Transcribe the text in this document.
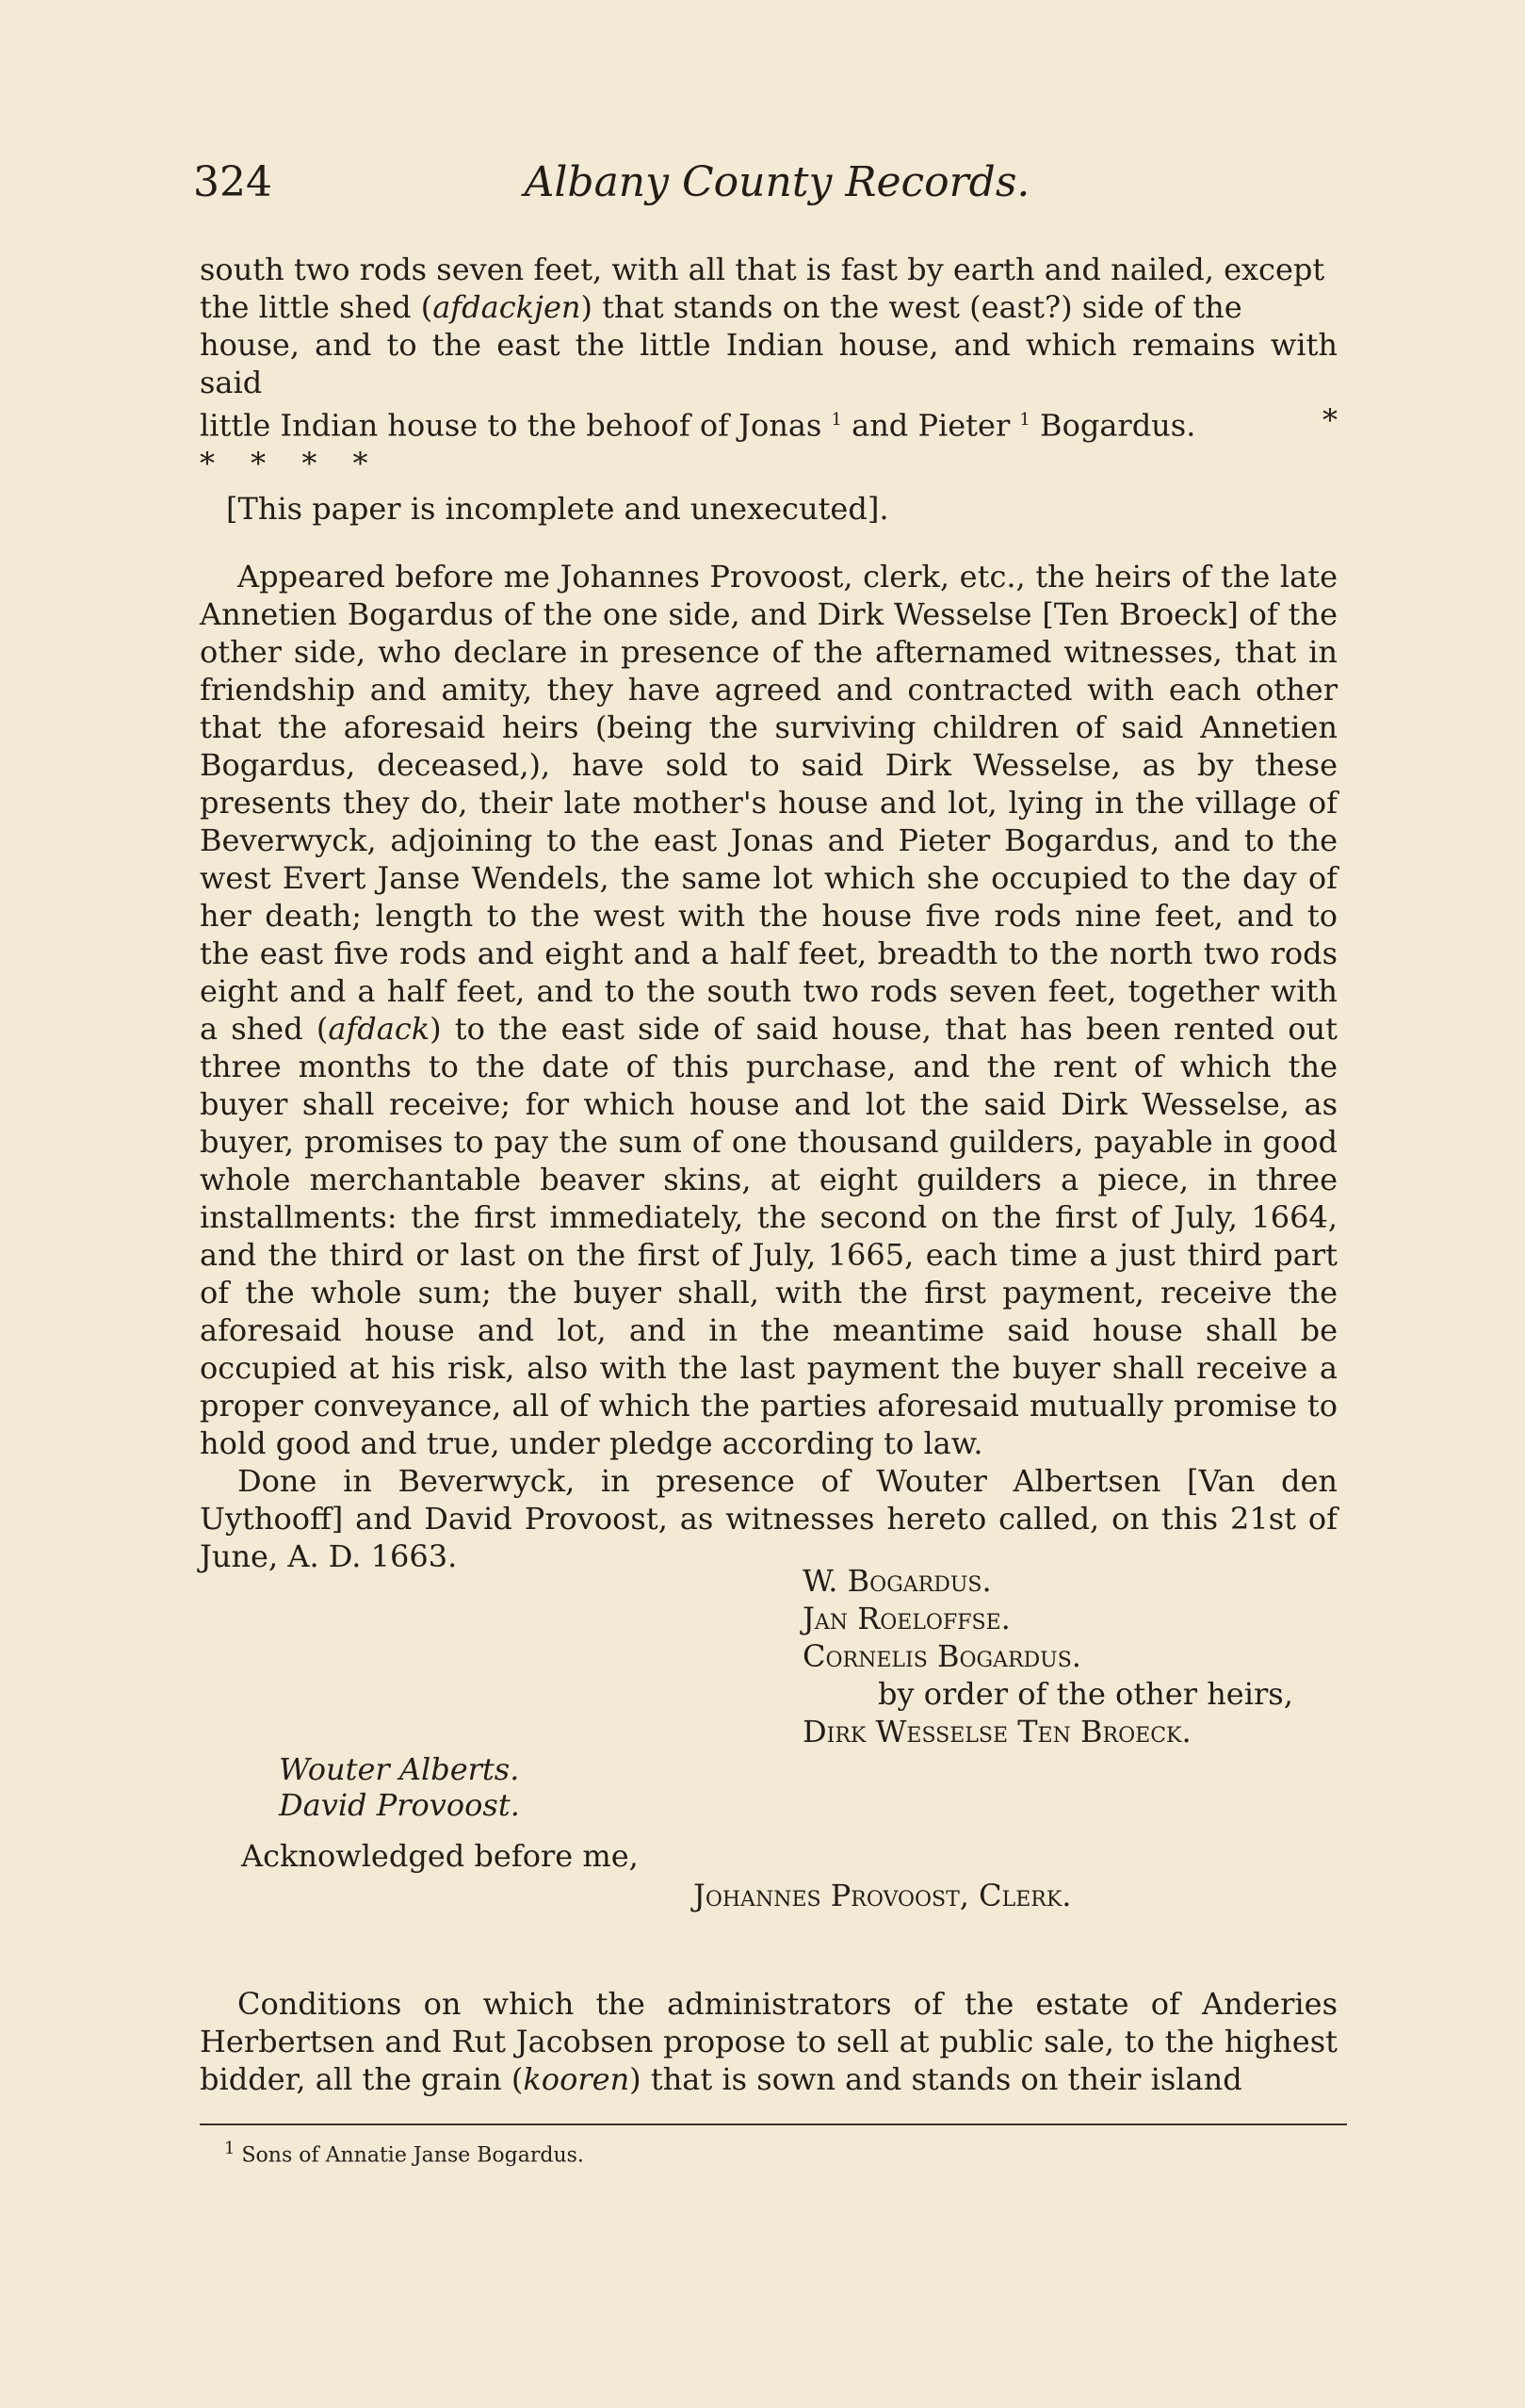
324	Albany County Records.

south two rods seven feet, with all that is fast by earth and nailed, except

the little shed (afdackjen) that stands on the west (east?) side of the

house, and to the east the little Indian house, and which remains with said

little Indian house to the behoof of Jonas $^1$ and Pieter $^1$ Bogardus.	*

* * * *

[This paper is incomplete and unexecuted].

Appeared before me Johannes Provoost, clerk, etc., the heirs of the late Annetien Bogardus of the one side, and Dirk Wesselse [Ten Broeck] of the other side, who declare in presence of the afternamed witnesses, that in friendship and amity, they have agreed and contracted with each other that the aforesaid heirs (being the surviving children of said Annetien Bogardus, deceased,), have sold to said Dirk Wesselse, as by these presents they do, their late mother's house and lot, lying in the village of Beverwyck, adjoining to the east Jonas and Pieter Bogardus, and to the west Evert Janse Wendels, the same lot which she occupied to the day of her death; length to the west with the house five rods nine feet, and to the east five rods and eight and a half feet, breadth to the north two rods eight and a half feet, and to the south two rods seven feet, together with a shed (afdack) to the east side of said house, that has been rented out three months to the date of this purchase, and the rent of which the buyer shall receive; for which house and lot the said Dirk Wesselse, as buyer, promises to pay the sum of one thousand guilders, payable in good whole merchantable beaver skins, at eight guilders a piece, in three installments: the first immediately, the second on the first of July, 1664, and the third or last on the first of July, 1665, each time a just third part of the whole sum; the buyer shall, with the first payment, receive the aforesaid house and lot, and in the meantime said house shall be occupied at his risk, also with the last payment the buyer shall receive a proper conveyance, all of which the parties aforesaid mutually promise to hold good and true, under pledge according to law.

Done in Beverwyck, in presence of Wouter Albertsen [Van den Uythooff] and David Provoost, as witnesses hereto called, on this 21st of June, A. D. 1663.

W. Bogardus.
Jan Roeloffse.
Cornelis Bogardus.
by order of the other heirs,
Dirk Wesselse Ten Broeck.
Wouter Alberts.
David Provoost.
Acknowledged before me,
Johannes Provoost, Clerk.

Conditions on which the administrators of the estate of Anderies Herbertsen and Rut Jacobsen propose to sell at public sale, to the highest bidder, all the grain (kooren) that is sown and stands on their island

$^1$ Sons of Annatie Janse Bogardus.
